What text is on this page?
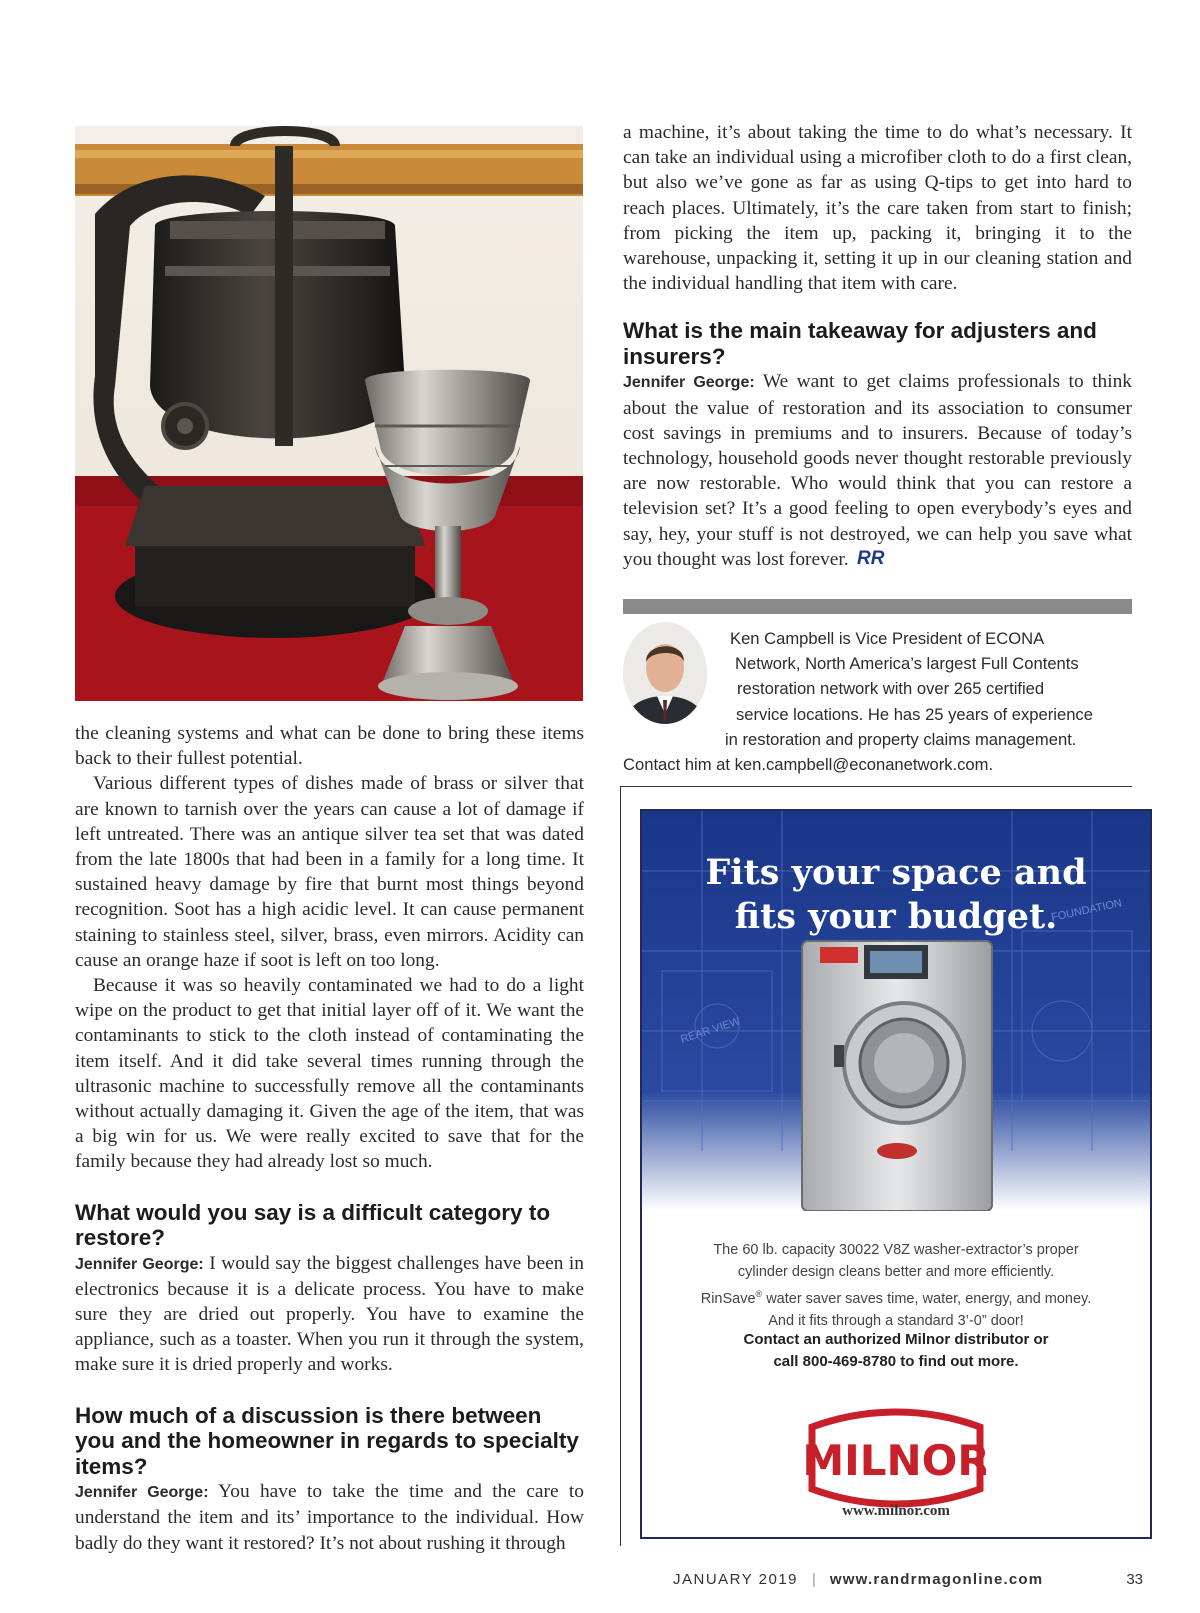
the cleaning systems and what can be done to bring these items back to their fullest potential.

Various different types of dishes made of brass or silver that are known to tarnish over the years can cause a lot of damage if left untreated. There was an antique silver tea set that was dated from the late 1800s that had been in a family for a long time. It sustained heavy damage by fire that burnt most things beyond recognition. Soot has a high acidic level. It can cause permanent staining to stainless steel, silver, brass, even mirrors. Acidity can cause an orange haze if soot is left on too long.

Because it was so heavily contaminated we had to do a light wipe on the product to get that initial layer off of it. We want the contaminants to stick to the cloth instead of contaminating the item itself. And it did take several times running through the ultrasonic machine to successfully remove all the contaminants without actually damaging it. Given the age of the item, that was a big win for us. We were really excited to save that for the family because they had already lost so much.

What would you say is a difficult category to restore?

Jennifer George: I would say the biggest challenges have been in electronics because it is a delicate process. You have to make sure they are dried out properly. You have to examine the appliance, such as a toaster. When you run it through the system, make sure it is dried properly and works.

How much of a discussion is there between you and the homeowner in regards to specialty items?

Jennifer George: You have to take the time and the care to understand the item and its’ importance to the individual. How badly do they want it restored? It’s not about rushing it through

a machine, it’s about taking the time to do what’s necessary. It can take an individual using a microfiber cloth to do a first clean, but also we’ve gone as far as using Q-tips to get into hard to reach places. Ultimately, it’s the care taken from start to finish; from picking the item up, packing it, bringing it to the warehouse, unpacking it, setting it up in our cleaning station and the individual handling that item with care.

What is the main takeaway for adjusters and insurers?

Jennifer George: We want to get claims professionals to think about the value of restoration and its association to consumer cost savings in premiums and to insurers. Because of today’s technology, household goods never thought restorable previously are now restorable. Who would think that you can restore a television set? It’s a good feeling to open everybody’s eyes and say, hey, your stuff is not destroyed, we can help you save what you thought was lost forever. RR

Ken Campbell is Vice President of ECONA
Network, North America’s largest Full Contents
restoration network with over 265 certified
service locations. He has 25 years of experience
in restoration and property claims management.
Contact him at ken.campbell@econanetwork.com.
REAR VIEW
FOUNDATION
Fits your space and
fits your budget.
The 60 lb. capacity 30022 V8Z washer-extractor’s proper
cylinder design cleans better and more efficiently.
RinSave® water saver saves time, water, energy, and money.
And it fits through a standard 3’-0” door!
Contact an authorized Milnor distributor or
call 800-469-8780 to find out more.
MILNOR
www.milnor.com
JANUARY 2019 | www.randrmagonline.com	33
